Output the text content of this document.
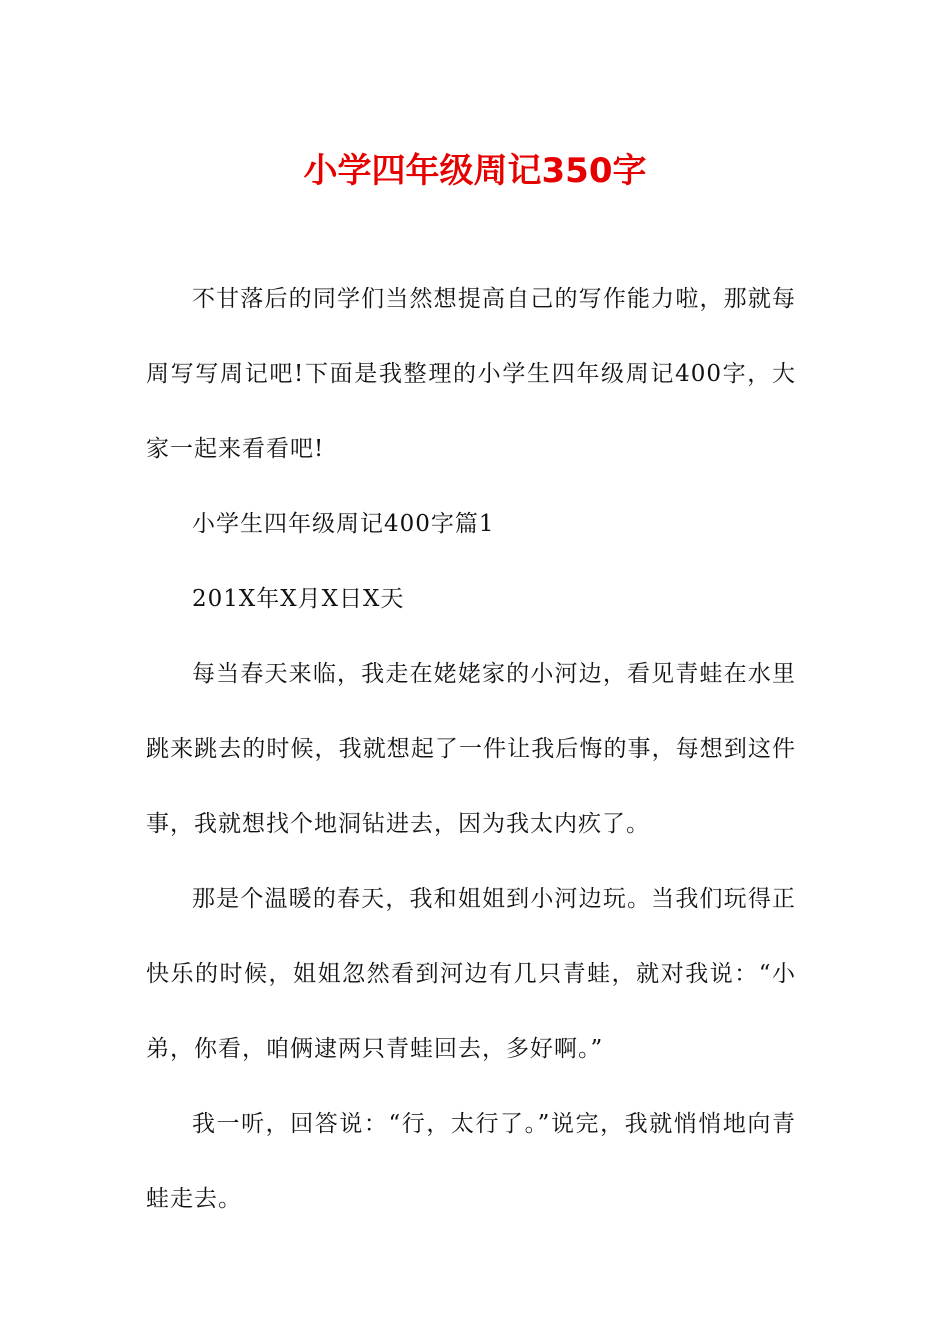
小学四年级周记350字

不甘落后的同学们当然想提高自己的写作能力啦，那就每周写写周记吧!下面是我整理的小学生四年级周记400字，大家一起来看看吧!

小学生四年级周记400字篇1

201X年X月X日X天

每当春天来临，我走在姥姥家的小河边，看见青蛙在水里跳来跳去的时候，我就想起了一件让我后悔的事，每想到这件事，我就想找个地洞钻进去，因为我太内疚了。

那是个温暖的春天，我和姐姐到小河边玩。当我们玩得正快乐的时候，姐姐忽然看到河边有几只青蛙，就对我说：“小弟，你看，咱俩逮两只青蛙回去，多好啊。”

我一听，回答说：“行，太行了。”说完，我就悄悄地向青蛙走去。
